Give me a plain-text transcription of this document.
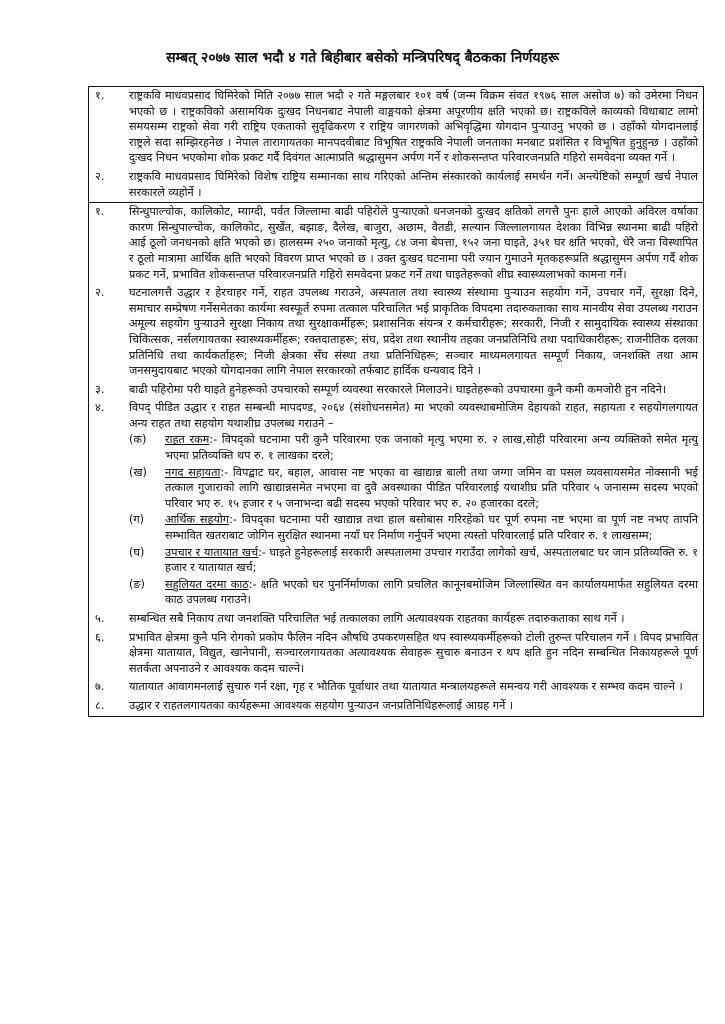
सम्बत् २०७७ साल भदौ ४ गते बिहीबार बसेको मन्त्रिपरिषद् बैठकका निर्णयहरू
१.	राष्ट्रकवि माधवप्रसाद घिमिरेको मिति २०७७ साल भदौ २ गते मङ्गलबार १०१ वर्ष (जन्म विक्रम संवत १९७६ साल असोज ७) को उमेरमा निधन भएको छ । राष्ट्रकविको असामयिक दुःखद निधनबाट नेपाली वाङ्मयको क्षेत्रमा अपूरणीय क्षति भएको छ। राष्ट्रकविले काव्यको विधाबाट लामो समयसम्म राष्ट्रको सेवा गरी राष्ट्रिय एकताको सुदृढिकरण र राष्ट्रिय जागरणको अभिवृद्धिमा योगदान पुऱ्याउनु भएको छ । उहाँको योगदानलाई राष्ट्रले सदा सम्झिरहनेछ । नेपाल तारागायतका मानपदवीबाट विभूषित राष्ट्रकवि नेपाली जनताका मनबाट प्रशंसित र विभूषित हुनुहुन्छ । उहाँको दुःखद निधन भएकोमा शोक प्रकट गर्दै दिवंगत आत्माप्रति श्रद्धासुमन अर्पण गर्ने र शोकसन्तप्त परिवारजनप्रति गहिरो समवेदना व्यक्त गर्ने ।
२.	राष्ट्रकवि माधवप्रसाद घिमिरेको विशेष राष्ट्रिय सम्मानका साथ गरिएको अन्तिम संस्कारको कार्यलाई समर्थन गर्ने। अन्त्येष्टिको सम्पूर्ण खर्च नेपाल सरकारले व्यहोर्ने ।
१.	सिन्धुपाल्चोक, कालिकोट, म्याग्दी, पर्वत जिल्लामा बाढी पहिरोले पुऱ्याएको धनजनको दुःखद क्षतिको लगत्तै पुनः हाले आएको अविरल वर्षाका कारण सिन्धुपाल्चोक, कालिकोट, सुर्खेत, बझाङ, दैलेख, बाजुरा, अछाम, वैतडी, सल्यान जिल्लालगायत देशका विभिन्न स्थानमा बाढी पहिरो आई ठूलो जनधनको क्षति भएको छ। हालसम्म २५० जनाको मृत्यु, ८४ जना बेपत्ता, १५२ जना घाइते, ३५१ घर क्षति भएको, धेरै जना विस्थापित र ठूलो मात्रामा आर्थिक क्षति भएको विवरण प्राप्त भएको छ । उक्त दुःखद घटनामा परी ज्यान गुमाउने मृतकहरूप्रति श्रद्धासुमन अर्पण गर्दै शोक प्रकट गर्ने, प्रभावित शोकसन्तप्त परिवारजनप्रति गहिरो समवेदना प्रकट गर्ने तथा घाइतेहरूको शीघ्र स्वास्थ्यलाभको कामना गर्ने।
२.	घटनालगत्तै उद्धार र हेरचाहर गर्ने, राहत उपलब्ध गराउने, अस्पताल तथा स्वास्थ्य संस्थामा पुऱ्याउन सहयोग गर्ने, उपचार गर्ने, सुरक्षा दिने, समाचार सम्प्रेषण गर्नेसमेतका कार्यमा स्वस्फूर्त रुपमा तत्काल परिचालित भई प्राकृतिक विपदमा तदारुकताका साथ मानवीय सेवा उपलब्ध गराउन अमूल्य सहयोग पुऱ्याउने सुरक्षा निकाय तथा सुरक्षाकर्मीहरू; प्रशासनिक संयन्त्र र कर्मचारीहरू; सरकारी, निजी र सामुदायिक स्वास्थ्य संस्थाका चिकित्सक, नर्सलगायतका स्वास्थ्यकर्मीहरू; रक्तदाताहरू; संघ, प्रदेश तथा स्थानीय तहका जनप्रतिनिधि तथा पदाधिकारीहरू; राजनीतिक दलका प्रतिनिधि तथा कार्यकर्ताहरू; निजी क्षेत्रका सँघ संस्था तथा प्रतिनिधिहरू; सञ्चार माध्यमलगायत सम्पूर्ण निकाय, जनशक्ति तथा आम जनसमुदायबाट भएको योगदानका लागि नेपाल सरकारको तर्फबाट हार्दिक धन्यवाद दिने ।
३.	बाढी पहिरोमा परी घाइते हुनेहरूको उपचारको सम्पूर्ण व्यवस्था सरकारले मिलाउने। घाइतेहरूको उपचारमा कुनै कमी कमजोरी हुन नदिने।
४.	विपद् पीडित उद्धार र राहत सम्बन्धी मापदण्ड, २०६४ (संशोधनसमेत) मा भएको व्यवस्थाबमोजिम देहायको राहत, सहायता र सहयोगलगायत अन्य राहत तथा सहयोग यथाशीघ्र उपलब्ध गराउने –
(क)	राहत रकम:- विपद्को घटनामा परी कुनै परिवारमा एक जनाको मृत्यु भएमा रु. २ लाख,सोही परिवारमा अन्य व्यक्तिको समेत मृत्यु भएमा प्रतिव्यक्ति थप रु. १ लाखका दरले;
(ख)	नगद सहायता:- विपद्बाट घर, बहाल, आवास नष्ट भएका वा खाद्यान्न बाली तथा जग्गा जमिन वा पसल व्यवसायसमेत नोक्सानी भई तत्काल गुजाराको लागि खाद्यान्नसमेत नभएमा वा दुवै अवस्थाका पीडित परिवारलाई यथाशीघ्र प्रति परिवार ५ जनासम्म सदस्य भएको परिवार भए रु. १५ हजार र ५ जनाभन्दा बढी सदस्य भएको परिवार भए रु. २० हजारका दरले;
(ग)	आर्थिक सहयोग:- विपद्का घटनामा परी खाद्यान्न तथा हाल बसोबास गरिरहेको घर पूर्ण रुपमा नष्ट भएमा वा पूर्ण नष्ट नभए तापनि सम्भावित खतराबाट जोगिन सुरक्षित स्थानमा नयाँ घर निर्माण गर्नुपर्ने भएमा त्यस्तो परिवारलाई प्रति परिवार रु. १ लाखसम्म;
(घ)	उपचार र यातायात खर्च:- घाइते हुनेहरूलाई सरकारी अस्पतालमा उपचार गराउँदा लागेको खर्च, अस्पतालबाट घर जान प्रतिव्यक्ति रु. १ हजार र यातायात खर्च;
(ङ)	सहुलियत दरमा काठ:- क्षति भएको घर पुनर्निर्माणका लागि प्रचलित कानूनबमोजिम जिल्लास्थित वन कार्यालयमार्फत सहुलियत दरमा काठ उपलब्ध गराउने।
५.	सम्बन्धित सबै निकाय तथा जनशक्ति परिचालित भई तत्कालका लागि अत्यावश्यक राहतका कार्यहरू तदारुकताका साथ गर्ने ।
६.	प्रभावित क्षेत्रमा कुनै पनि रोगको प्रकोप फैलिन नदिन औषधि उपकरणसहित थप स्वास्थ्यकर्मीहरूको टोली तुरुन्त परिचालन गर्ने । विपद प्रभावित क्षेत्रमा यातायात, विद्युत, खानेपानी, सञ्चारलगायतका अत्यावश्यक सेवाहरू सुचारु बनाउन र थप क्षति हुन नदिन सम्बन्धित निकायहरूले पूर्ण सतर्कता अपनाउने र आवश्यक कदम चाल्ने।
७.	यातायात आवागमनलाई सुचारु गर्न रक्षा, गृह र भौतिक पूर्वाधार तथा यातायात मन्त्रालयहरूले समन्वय गरी आवश्यक र सम्भव कदम चाल्ने ।
८.	उद्धार र राहतलगायतका कार्यहरूमा आवश्यक सहयोग पुऱ्याउन जनप्रतिनिधिहरूलाई आग्रह गर्ने ।
